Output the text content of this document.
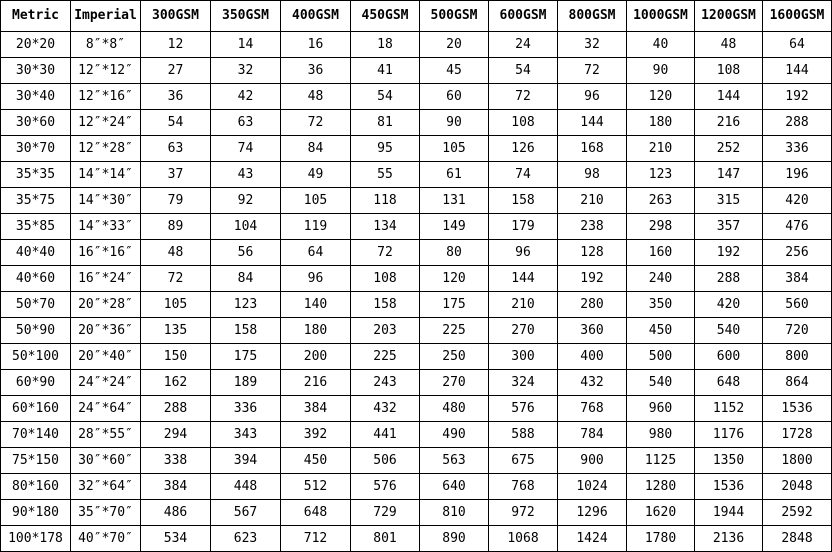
Metric	Imperial	300GSM	350GSM	400GSM	450GSM	500GSM	600GSM	800GSM	1000GSM	1200GSM	1600GSM
20*20	8″*8″	12	14	16	18	20	24	32	40	48	64
30*30	12″*12″	27	32	36	41	45	54	72	90	108	144
30*40	12″*16″	36	42	48	54	60	72	96	120	144	192
30*60	12″*24″	54	63	72	81	90	108	144	180	216	288
30*70	12″*28″	63	74	84	95	105	126	168	210	252	336
35*35	14″*14″	37	43	49	55	61	74	98	123	147	196
35*75	14″*30″	79	92	105	118	131	158	210	263	315	420
35*85	14″*33″	89	104	119	134	149	179	238	298	357	476
40*40	16″*16″	48	56	64	72	80	96	128	160	192	256
40*60	16″*24″	72	84	96	108	120	144	192	240	288	384
50*70	20″*28″	105	123	140	158	175	210	280	350	420	560
50*90	20″*36″	135	158	180	203	225	270	360	450	540	720
50*100	20″*40″	150	175	200	225	250	300	400	500	600	800
60*90	24″*24″	162	189	216	243	270	324	432	540	648	864
60*160	24″*64″	288	336	384	432	480	576	768	960	1152	1536
70*140	28″*55″	294	343	392	441	490	588	784	980	1176	1728
75*150	30″*60″	338	394	450	506	563	675	900	1125	1350	1800
80*160	32″*64″	384	448	512	576	640	768	1024	1280	1536	2048
90*180	35″*70″	486	567	648	729	810	972	1296	1620	1944	2592
100*178	40″*70″	534	623	712	801	890	1068	1424	1780	2136	2848
